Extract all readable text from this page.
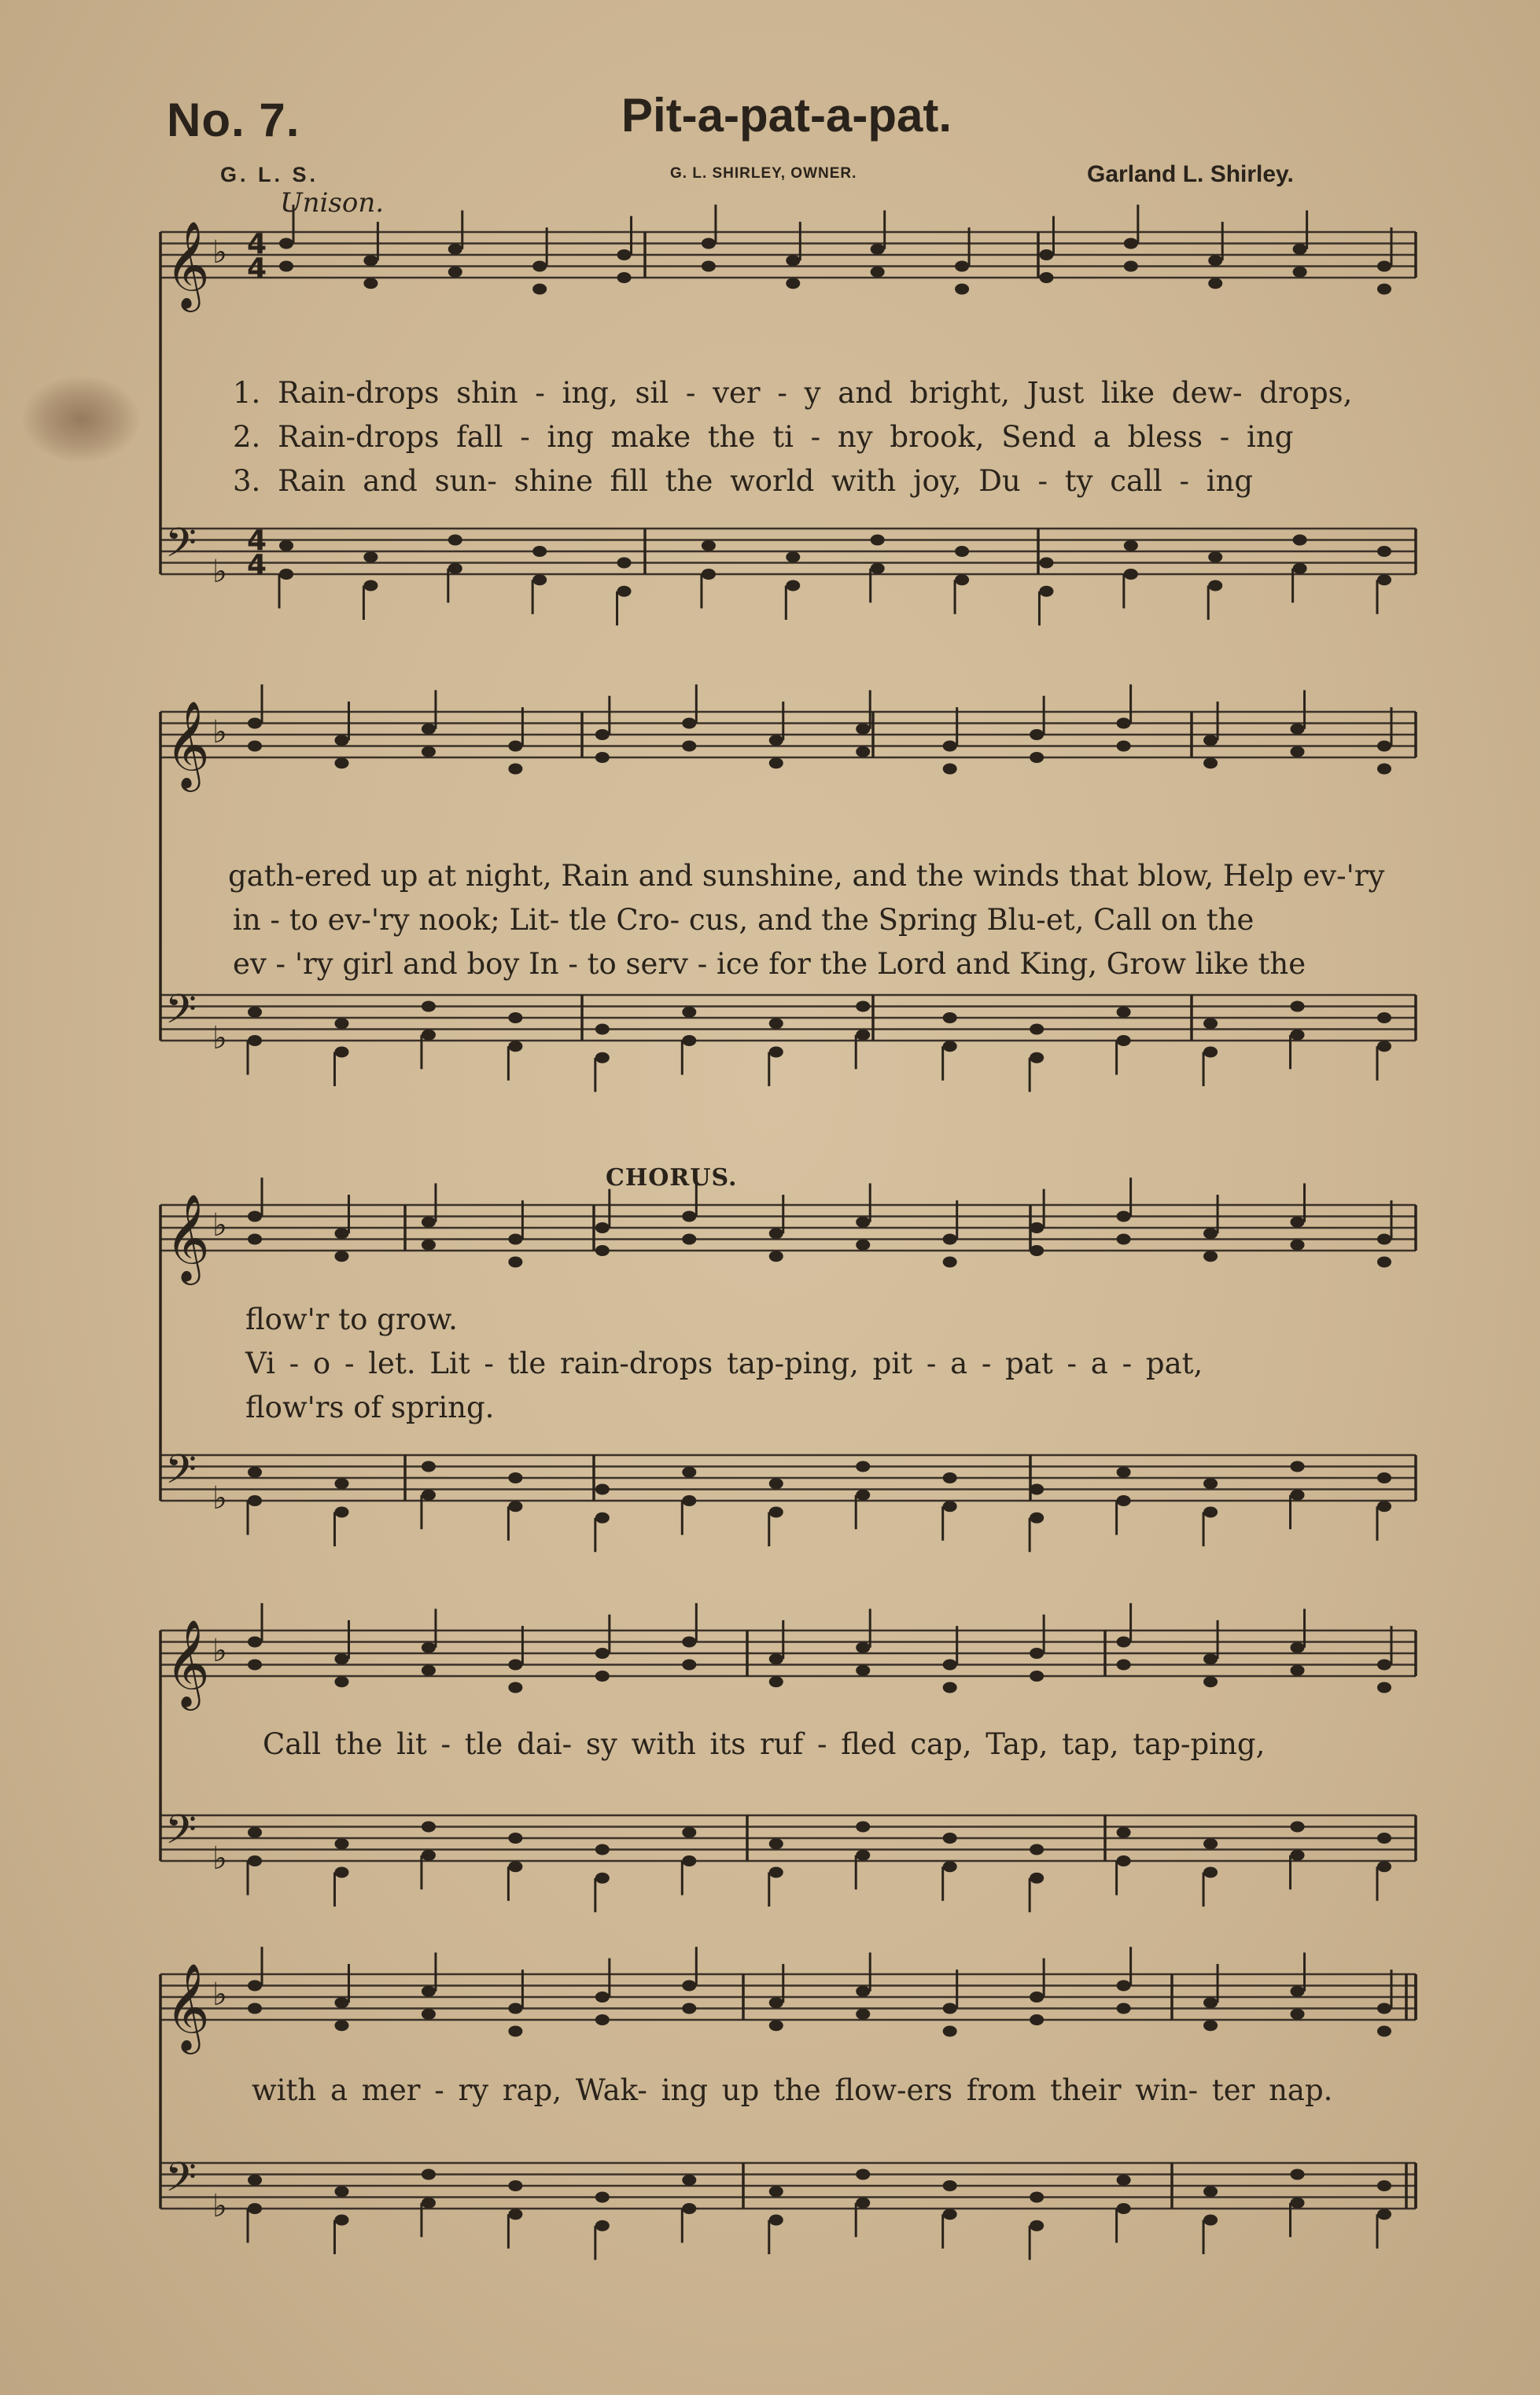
No. 7.	Pit-a-pat-a-pat.
G. L. S.	G. L. SHIRLEY, OWNER.	Garland L. Shirley.
Unison.
CHORUS.
1. Rain-drops shin - ing, sil - ver - y and bright, Just like dew- drops,
2. Rain-drops fall - ing make the ti - ny brook, Send a bless - ing
3. Rain and sun- shine fill the world with joy, Du - ty call - ing
gath-ered up at night, Rain and sunshine, and the winds that blow, Help ev-'ry
in - to ev-'ry nook; Lit- tle Cro- cus, and the Spring Blu-et, Call on the
ev - 'ry girl and boy In - to serv - ice for the Lord and King, Grow like the
flow'r to grow.
Vi - o - let. Lit - tle rain-drops tap-ping, pit - a - pat - a - pat,
flow'rs of spring.
Call the lit - tle dai- sy with its ruf - fled cap, Tap, tap, tap-ping,
with a mer - ry rap, Wak- ing up the flow-ers from their win- ter nap.
𝄞
𝄢
♭
♭
4
4
4
4
𝄞
𝄢
♭
♭
𝄞
𝄢
♭
♭
𝄞
𝄢
♭
♭
𝄞
𝄢
♭
♭
